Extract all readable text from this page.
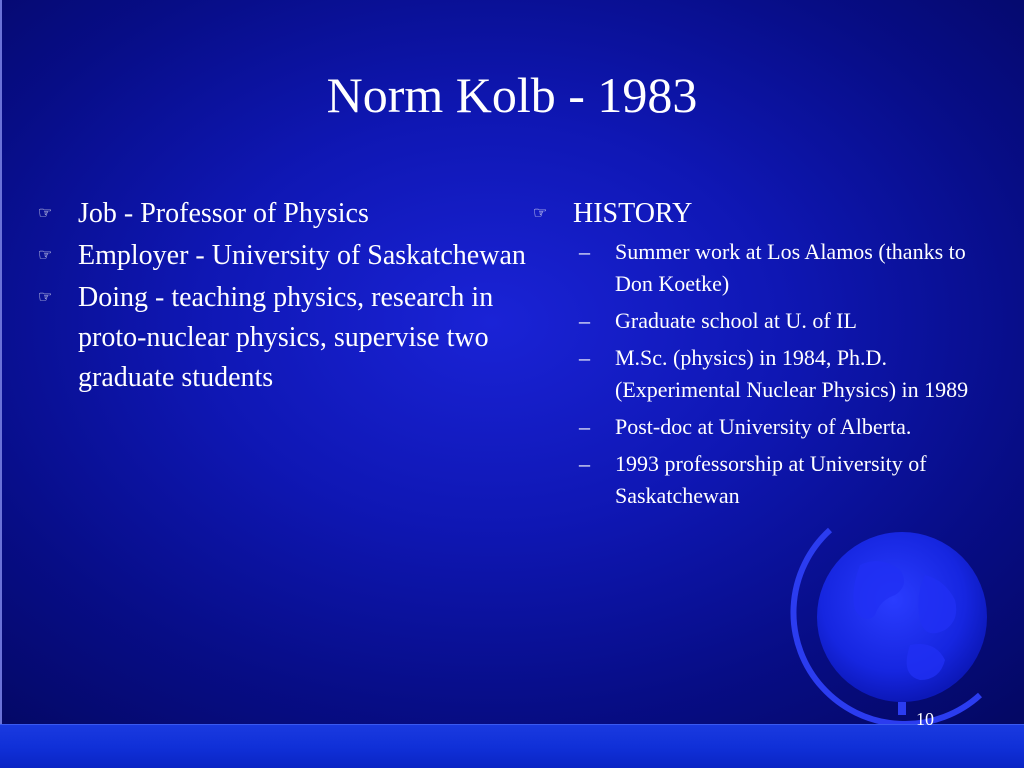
Norm Kolb - 1983
☞ Job - Professor of Physics
☞ Employer - University of Saskatchewan
☞ Doing - teaching physics, research in proto-nuclear physics, supervise two graduate students
☞ HISTORY
–	Summer work at Los Alamos (thanks to Don Koetke)
–	Graduate school at U. of IL
–	M.Sc. (physics) in 1984, Ph.D. (Experimental Nuclear Physics) in 1989
–	Post-doc at University of Alberta.
–	1993 professorship at University of Saskatchewan
10
